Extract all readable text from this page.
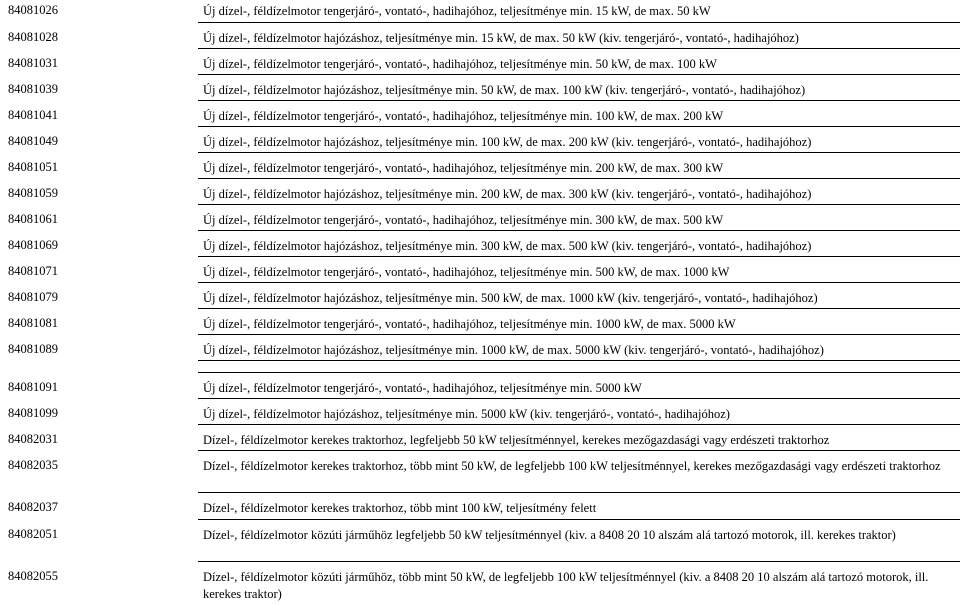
84081026	Új dízel-, féldízelmotor tengerjáró-, vontató-, hadihajóhoz, teljesítménye min. 15 kW, de max. 50 kW
84081028	Új dízel-, féldízelmotor hajózáshoz, teljesítménye min. 15 kW, de max. 50 kW (kiv. tengerjáró-, vontató-, hadihajóhoz)
84081031	Új dízel-, féldízelmotor tengerjáró-, vontató-, hadihajóhoz, teljesítménye min. 50 kW, de max. 100 kW
84081039	Új dízel-, féldízelmotor hajózáshoz, teljesítménye min. 50 kW, de max. 100 kW (kiv. tengerjáró-, vontató-, hadihajóhoz)
84081041	Új dízel-, féldízelmotor tengerjáró-, vontató-, hadihajóhoz, teljesítménye min. 100 kW, de max. 200 kW
84081049	Új dízel-, féldízelmotor hajózáshoz, teljesítménye min. 100 kW, de max. 200 kW (kiv. tengerjáró-, vontató-, hadihajóhoz)
84081051	Új dízel-, féldízelmotor tengerjáró-, vontató-, hadihajóhoz, teljesítménye min. 200 kW, de max. 300 kW
84081059	Új dízel-, féldízelmotor hajózáshoz, teljesítménye min. 200 kW, de max. 300 kW (kiv. tengerjáró-, vontató-, hadihajóhoz)
84081061	Új dízel-, féldízelmotor tengerjáró-, vontató-, hadihajóhoz, teljesítménye min. 300 kW, de max. 500 kW
84081069	Új dízel-, féldízelmotor hajózáshoz, teljesítménye min. 300 kW, de max. 500 kW (kiv. tengerjáró-, vontató-, hadihajóhoz)
84081071	Új dízel-, féldízelmotor tengerjáró-, vontató-, hadihajóhoz, teljesítménye min. 500 kW, de max. 1000 kW
84081079	Új dízel-, féldízelmotor hajózáshoz, teljesítménye min. 500 kW, de max. 1000 kW (kiv. tengerjáró-, vontató-, hadihajóhoz)
84081081	Új dízel-, féldízelmotor tengerjáró-, vontató-, hadihajóhoz, teljesítménye min. 1000 kW, de max. 5000 kW
84081089	Új dízel-, féldízelmotor hajózáshoz, teljesítménye min. 1000 kW, de max. 5000 kW (kiv. tengerjáró-, vontató-, hadihajóhoz)
84081091	Új dízel-, féldízelmotor tengerjáró-, vontató-, hadihajóhoz, teljesítménye min. 5000 kW
84081099	Új dízel-, féldízelmotor hajózáshoz, teljesítménye min. 5000 kW (kiv. tengerjáró-, vontató-, hadihajóhoz)
84082031	Dízel-, féldízelmotor kerekes traktorhoz, legfeljebb 50 kW teljesítménnyel, kerekes mezőgazdasági vagy erdészeti traktorhoz
84082035	Dízel-, féldízelmotor kerekes traktorhoz, több mint 50 kW, de legfeljebb 100 kW teljesítménnyel, kerekes mezőgazdasági vagy erdészeti traktorhoz
84082037	Dízel-, féldízelmotor kerekes traktorhoz, több mint 100 kW, teljesítmény felett
84082051	Dízel-, féldízelmotor közúti járműhöz legfeljebb 50 kW teljesítménnyel (kiv. a 8408 20 10 alszám alá tartozó motorok, ill. kerekes traktor)
84082055	Dízel-, féldízelmotor közúti járműhöz, több mint 50 kW, de legfeljebb 100 kW teljesítménnyel (kiv. a 8408 20 10 alszám alá tartozó motorok, ill. kerekes traktor)
